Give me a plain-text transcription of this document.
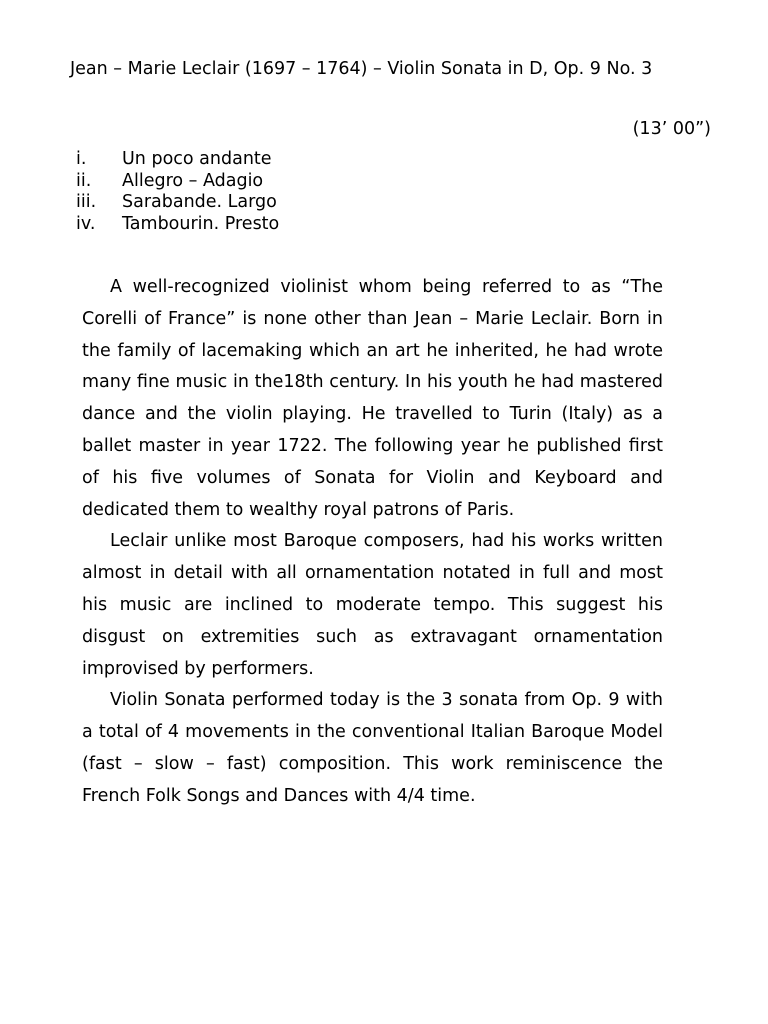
Jean – Marie Leclair (1697 – 1764) – Violin Sonata in D, Op. 9 No. 3
(13’ 00”)
i.	Un poco andante
ii.	Allegro – Adagio
iii.	Sarabande. Largo
iv.	Tambourin. Presto

A well-recognized violinist whom being referred to as “The Corelli of France” is none other than Jean – Marie Leclair. Born in the family of lacemaking which an art he inherited, he had wrote many fine music in the18th century. In his youth he had mastered dance and the violin playing. He travelled to Turin (Italy) as a ballet master in year 1722. The following year he published first of his five volumes of Sonata for Violin and Keyboard and dedicated them to wealthy royal patrons of Paris.

Leclair unlike most Baroque composers, had his works written almost in detail with all ornamentation notated in full and most his music are inclined to moderate tempo. This suggest his disgust on extremities such as extravagant ornamentation improvised by performers.

Violin Sonata performed today is the 3 sonata from Op. 9 with a total of 4 movements in the conventional Italian Baroque Model (fast – slow – fast) composition. This work reminiscence the French Folk Songs and Dances with 4/4 time.
